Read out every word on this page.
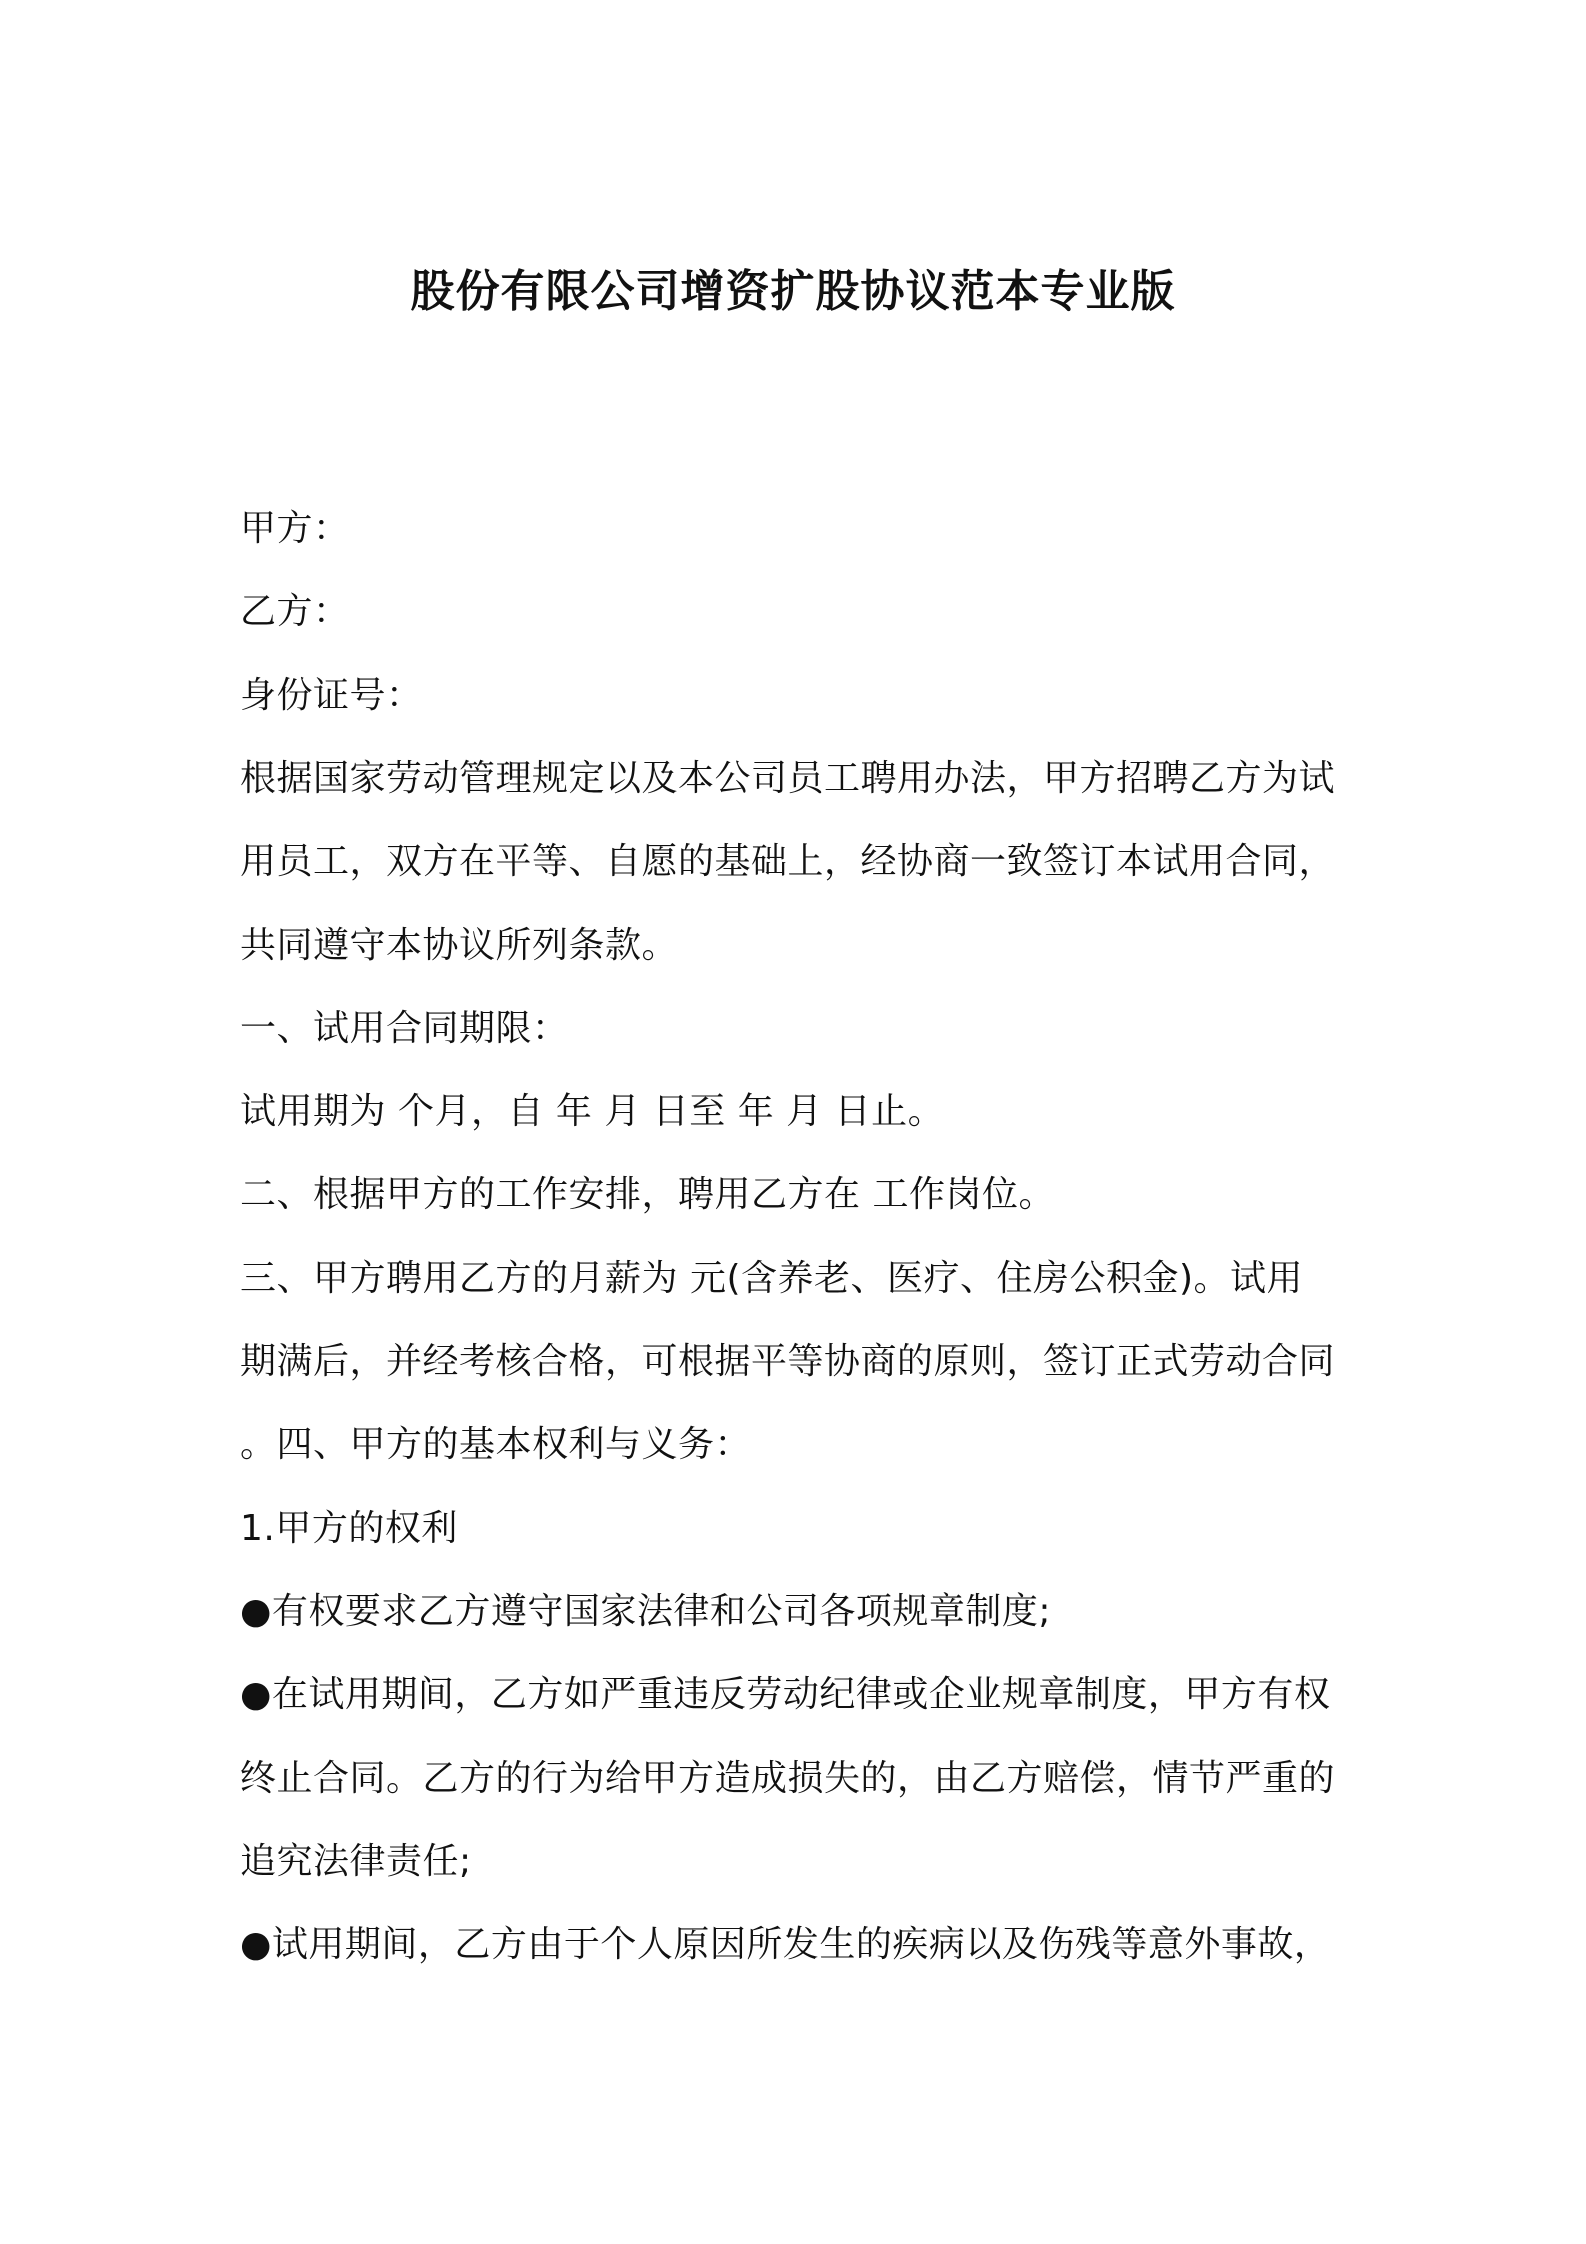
股份有限公司增资扩股协议范本专业版
甲方：
乙方：
身份证号：
根据国家劳动管理规定以及本公司员工聘用办法，甲方招聘乙方为试
用员工，双方在平等、自愿的基础上，经协商一致签订本试用合同，
共同遵守本协议所列条款。
一、试用合同期限：
试用期为 个月，自 年 月 日至 年 月 日止。
二、根据甲方的工作安排，聘用乙方在 工作岗位。
三、甲方聘用乙方的月薪为 元(含养老、医疗、住房公积金)。试用
期满后，并经考核合格，可根据平等协商的原则，签订正式劳动合同
。四、甲方的基本权利与义务：
1.甲方的权利
●有权要求乙方遵守国家法律和公司各项规章制度;
●在试用期间，乙方如严重违反劳动纪律或企业规章制度，甲方有权
终止合同。乙方的行为给甲方造成损失的，由乙方赔偿，情节严重的
追究法律责任;
●试用期间，乙方由于个人原因所发生的疾病以及伤残等意外事故，
